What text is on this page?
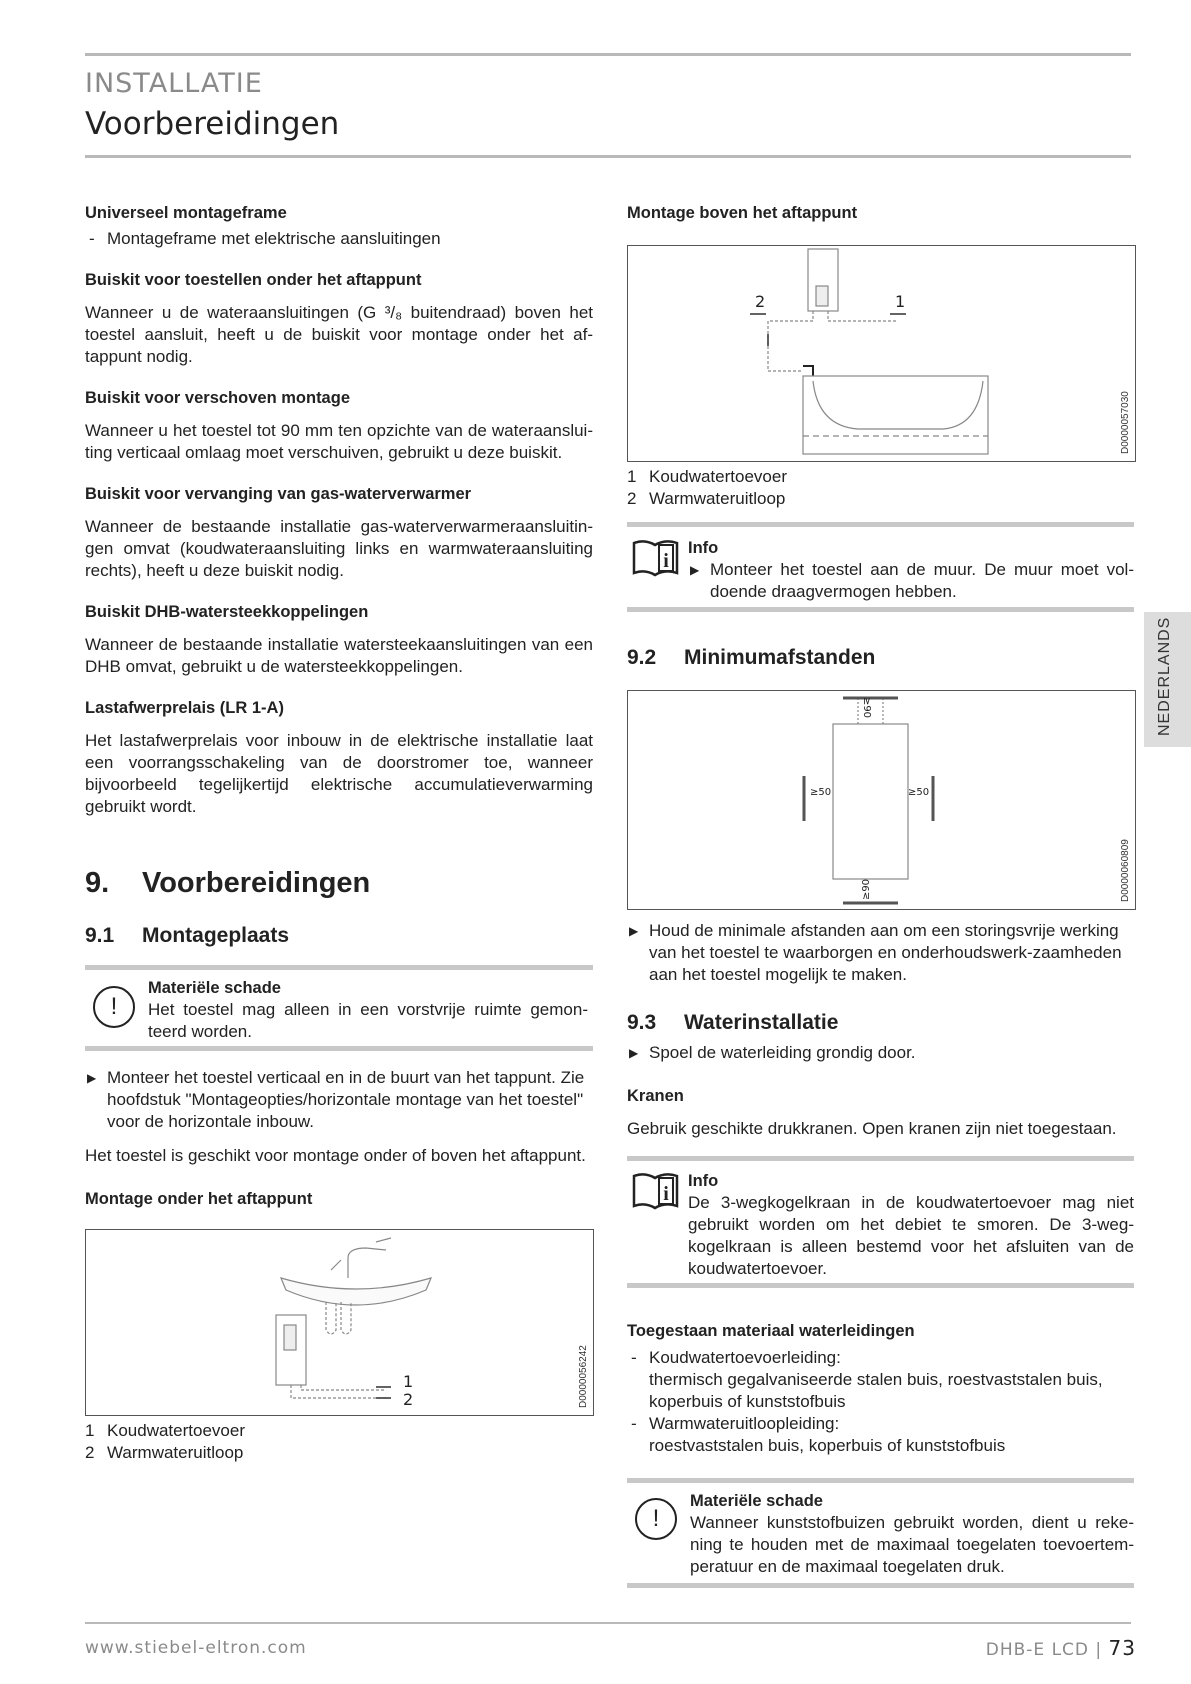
INSTALLATIE
Voorbereidingen

Universeel montageframe

- Montageframe met elektrische aansluitingen

Buiskit voor toestellen onder het aftappunt

Wanneer u de wateraansluitingen (G ³/₈ buitendraad) boven het toestel aansluit, heeft u de buiskit voor montage onder het af-tappunt nodig.

Buiskit voor verschoven montage

Wanneer u het toestel tot 90 mm ten opzichte van de wateraanslui-ting verticaal omlaag moet verschuiven, gebruikt u deze buiskit.

Buiskit voor vervanging van gas-waterverwarmer

Wanneer de bestaande installatie gas-waterverwarmeraansluitin-gen omvat (koudwateraansluiting links en warmwateraansluiting rechts), heeft u deze buiskit nodig.

Buiskit DHB-watersteekkoppelingen

Wanneer de bestaande installatie watersteekaansluitingen van een DHB omvat, gebruikt u de watersteekkoppelingen.

Lastafwerprelais (LR 1-A)

Het lastafwerprelais voor inbouw in de elektrische installatie laat een voorrangsschakeling van de doorstromer toe, wanneer bijvoorbeeld tegelijkertijd elektrische accumulatieverwarming gebruikt wordt.

9. Voorbereidingen
9.1 Montageplaats
!

Materiële schade

Het toestel mag alleen in een vorstvrije ruimte gemon-teerd worden.

▶ Monteer het toestel verticaal en in de buurt van het tappunt. Zie hoofdstuk "Montageopties/horizontale montage van het toestel" voor de horizontale inbouw.

Het toestel is geschikt voor montage onder of boven het aftappunt.

Montage onder het aftappunt

1
2	D0000056242
1 Koudwatertoevoer
2 Warmwateruitloop

Montage boven het aftappunt

2	1
D0000057030
1 Koudwatertoevoer
2 Warmwateruitloop
i

Info

▶ Monteer het toestel aan de muur. De muur moet vol-doende draagvermogen hebben.

9.2 Minimumafstanden
≥90
≥90
≥50	≥50
D0000060809

▶ Houd de minimale afstanden aan om een storingsvrije werking van het toestel te waarborgen en onderhoudswerk-zaamheden aan het toestel mogelijk te maken.

9.3 Waterinstallatie

▶ Spoel de waterleiding grondig door.

Kranen

Gebruik geschikte drukkranen. Open kranen zijn niet toegestaan.

i

Info

De 3-wegkogelkraan in de koudwatertoevoer mag niet gebruikt worden om het debiet te smoren. De 3-weg-kogelkraan is alleen bestemd voor het afsluiten van de koudwatertoevoer.

Toegestaan materiaal waterleidingen

- Koudwatertoevoerleiding:

thermisch gegalvaniseerde stalen buis, roestvaststalen buis, koperbuis of kunststofbuis

- Warmwateruitloopleiding:

roestvaststalen buis, koperbuis of kunststofbuis

!

Materiële schade

Wanneer kunststofbuizen gebruikt worden, dient u reke-ning te houden met de maximaal toegelaten toevoertem-peratuur en de maximaal toegelaten druk.

NEDERLANDS
www.stiebel-eltron.com	DHB-E LCD | 73
